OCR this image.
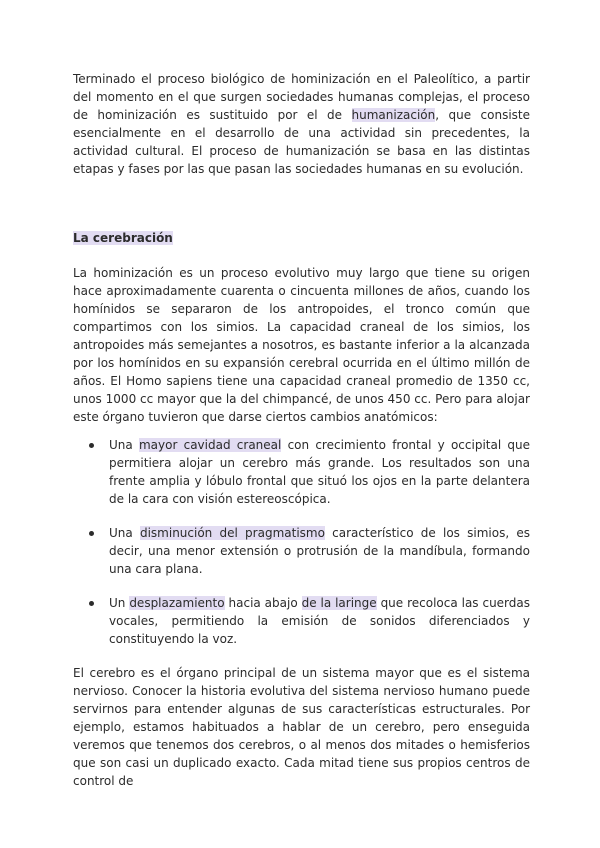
Terminado el proceso biológico de hominización en el Paleolítico, a partir del momento en el que surgen sociedades humanas complejas, el proceso de hominización es sustituido por el de humanización, que consiste esencialmente en el desarrollo de una actividad sin precedentes, la actividad cultural. El proceso de humanización se basa en las distintas etapas y fases por las que pasan las sociedades humanas en su evolución.

La cerebración

La hominización es un proceso evolutivo muy largo que tiene su origen hace aproximadamente cuarenta o cincuenta millones de años, cuando los homínidos se separaron de los antropoides, el tronco común que compartimos con los simios. La capacidad craneal de los simios, los antropoides más semejantes a nosotros, es bastante inferior a la alcanzada por los homínidos en su expansión cerebral ocurrida en el último millón de años. El Homo sapiens tiene una capacidad craneal promedio de 1350 cc, unos 1000 cc mayor que la del chimpancé, de unos 450 cc. Pero para alojar este órgano tuvieron que darse ciertos cambios anatómicos:

Una mayor cavidad craneal con crecimiento frontal y occipital que permitiera alojar un cerebro más grande. Los resultados son una frente amplia y lóbulo frontal que situó los ojos en la parte delantera de la cara con visión estereoscópica.
Una disminución del pragmatismo característico de los simios, es decir, una menor extensión o protrusión de la mandíbula, formando una cara plana.
Un desplazamiento hacia abajo de la laringe que recoloca las cuerdas vocales, permitiendo la emisión de sonidos diferenciados y constituyendo la voz.

El cerebro es el órgano principal de un sistema mayor que es el sistema nervioso. Conocer la historia evolutiva del sistema nervioso humano puede servirnos para entender algunas de sus características estructurales. Por ejemplo, estamos habituados a hablar de un cerebro, pero enseguida veremos que tenemos dos cerebros, o al menos dos mitades o hemisferios que son casi un duplicado exacto. Cada mitad tiene sus propios centros de control de
